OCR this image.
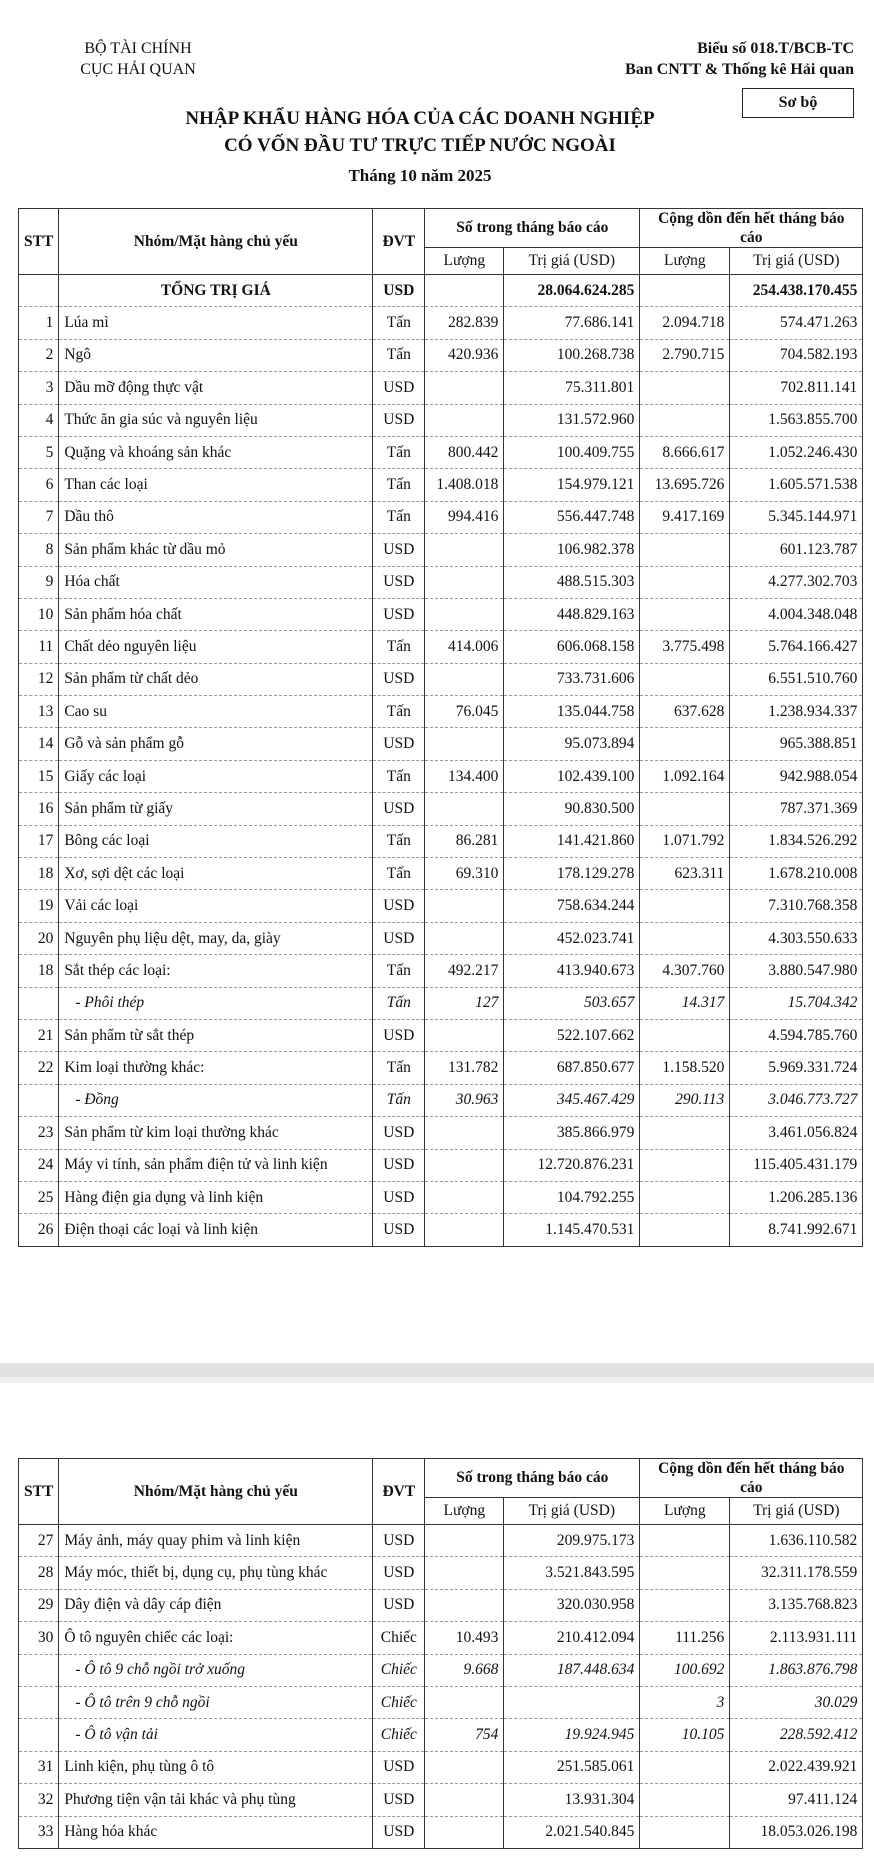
BỘ TÀI CHÍNH
CỤC HẢI QUAN
Biểu số 018.T/BCB-TC
Ban CNTT & Thống kê Hải quan
Sơ bộ
NHẬP KHẨU HÀNG HÓA CỦA CÁC DOANH NGHIỆP
CÓ VỐN ĐẦU TƯ TRỰC TIẾP NƯỚC NGOÀI
Tháng 10 năm 2025
STT	Nhóm/Mặt hàng chủ yếu	ĐVT	Số trong tháng báo cáo		Cộng dồn đến hết tháng báo cáo	
			Lượng	Trị giá (USD)	Lượng	Trị giá (USD)
	TỔNG TRỊ GIÁ	USD		28.064.624.285		254.438.170.455
1	Lúa mì	Tấn	282.839	77.686.141	2.094.718	574.471.263
2	Ngô	Tấn	420.936	100.268.738	2.790.715	704.582.193
3	Dầu mỡ động thực vật	USD		75.311.801		702.811.141
4	Thức ăn gia súc và nguyên liệu	USD		131.572.960		1.563.855.700
5	Quặng và khoáng sản khác	Tấn	800.442	100.409.755	8.666.617	1.052.246.430
6	Than các loại	Tấn	1.408.018	154.979.121	13.695.726	1.605.571.538
7	Dầu thô	Tấn	994.416	556.447.748	9.417.169	5.345.144.971
8	Sản phẩm khác từ dầu mỏ	USD		106.982.378		601.123.787
9	Hóa chất	USD		488.515.303		4.277.302.703
10	Sản phẩm hóa chất	USD		448.829.163		4.004.348.048
11	Chất dẻo nguyên liệu	Tấn	414.006	606.068.158	3.775.498	5.764.166.427
12	Sản phẩm từ chất dẻo	USD		733.731.606		6.551.510.760
13	Cao su	Tấn	76.045	135.044.758	637.628	1.238.934.337
14	Gỗ và sản phẩm gỗ	USD		95.073.894		965.388.851
15	Giấy các loại	Tấn	134.400	102.439.100	1.092.164	942.988.054
16	Sản phẩm từ giấy	USD		90.830.500		787.371.369
17	Bông các loại	Tấn	86.281	141.421.860	1.071.792	1.834.526.292
18	Xơ, sợi dệt các loại	Tấn	69.310	178.129.278	623.311	1.678.210.008
19	Vải các loại	USD		758.634.244		7.310.768.358
20	Nguyên phụ liệu dệt, may, da, giày	USD		452.023.741		4.303.550.633
18	Sắt thép các loại:	Tấn	492.217	413.940.673	4.307.760	3.880.547.980
	- Phôi thép	Tấn	127	503.657	14.317	15.704.342
21	Sản phẩm từ sắt thép	USD		522.107.662		4.594.785.760
22	Kim loại thường khác:	Tấn	131.782	687.850.677	1.158.520	5.969.331.724
	- Đồng	Tấn	30.963	345.467.429	290.113	3.046.773.727
23	Sản phẩm từ kim loại thường khác	USD		385.866.979		3.461.056.824
24	Máy vi tính, sản phẩm điện tử và linh kiện	USD		12.720.876.231		115.405.431.179
25	Hàng điện gia dụng và linh kiện	USD		104.792.255		1.206.285.136
26	Điện thoại các loại và linh kiện	USD		1.145.470.531		8.741.992.671
STT	Nhóm/Mặt hàng chủ yếu	ĐVT	Số trong tháng báo cáo		Cộng dồn đến hết tháng báo cáo	
			Lượng	Trị giá (USD)	Lượng	Trị giá (USD)
27	Máy ảnh, máy quay phim và linh kiện	USD		209.975.173		1.636.110.582
28	Máy móc, thiết bị, dụng cụ, phụ tùng khác	USD		3.521.843.595		32.311.178.559
29	Dây điện và dây cáp điện	USD		320.030.958		3.135.768.823
30	Ô tô nguyên chiếc các loại:	Chiếc	10.493	210.412.094	111.256	2.113.931.111
	- Ô tô 9 chỗ ngồi trở xuống	Chiếc	9.668	187.448.634	100.692	1.863.876.798
	- Ô tô trên 9 chỗ ngồi	Chiếc			3	30.029
	- Ô tô vận tải	Chiếc	754	19.924.945	10.105	228.592.412
31	Linh kiện, phụ tùng ô tô	USD		251.585.061		2.022.439.921
32	Phương tiện vận tải khác và phụ tùng	USD		13.931.304		97.411.124
33	Hàng hóa khác	USD		2.021.540.845		18.053.026.198
